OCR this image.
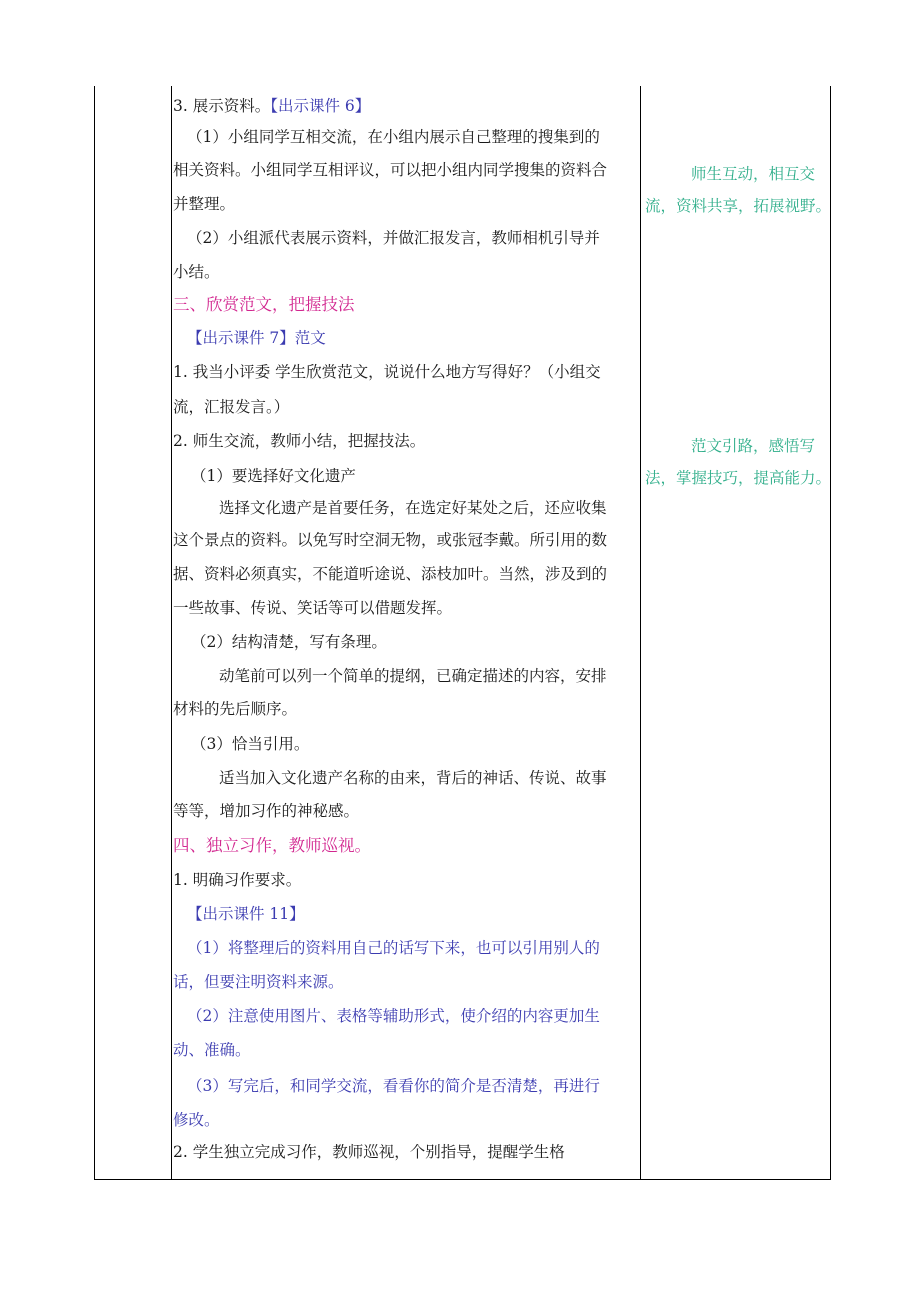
3. 展示资料。【出示课件 6】
（1）小组同学互相交流，在小组内展示自己整理的搜集到的
相关资料。小组同学互相评议，可以把小组内同学搜集的资料合
并整理。
（2）小组派代表展示资料，并做汇报发言，教师相机引导并
小结。
三、欣赏范文，把握技法
【出示课件 7】范文
1. 我当小评委 学生欣赏范文，说说什么地方写得好？（小组交
流，汇报发言。）
2. 师生交流，教师小结，把握技法。
（1）要选择好文化遗产
选择文化遗产是首要任务，在选定好某处之后，还应收集
这个景点的资料。以免写时空洞无物，或张冠李戴。所引用的数
据、资料必须真实，不能道听途说、添枝加叶。当然，涉及到的
一些故事、传说、笑话等可以借题发挥。
（2）结构清楚，写有条理。
动笔前可以列一个简单的提纲，已确定描述的内容，安排
材料的先后顺序。
（3）恰当引用。
适当加入文化遗产名称的由来，背后的神话、传说、故事
等等，增加习作的神秘感。
四、独立习作，教师巡视。
1. 明确习作要求。
【出示课件 11】
（1）将整理后的资料用自己的话写下来，也可以引用别人的
话，但要注明资料来源。
（2）注意使用图片、表格等辅助形式，使介绍的内容更加生
动、准确。
（3）写完后，和同学交流，看看你的简介是否清楚，再进行
修改。
2. 学生独立完成习作，教师巡视，个别指导，提醒学生格
师生互动，相互交
流，资料共享，拓展视野。
范文引路，感悟写
法，掌握技巧，提高能力。
